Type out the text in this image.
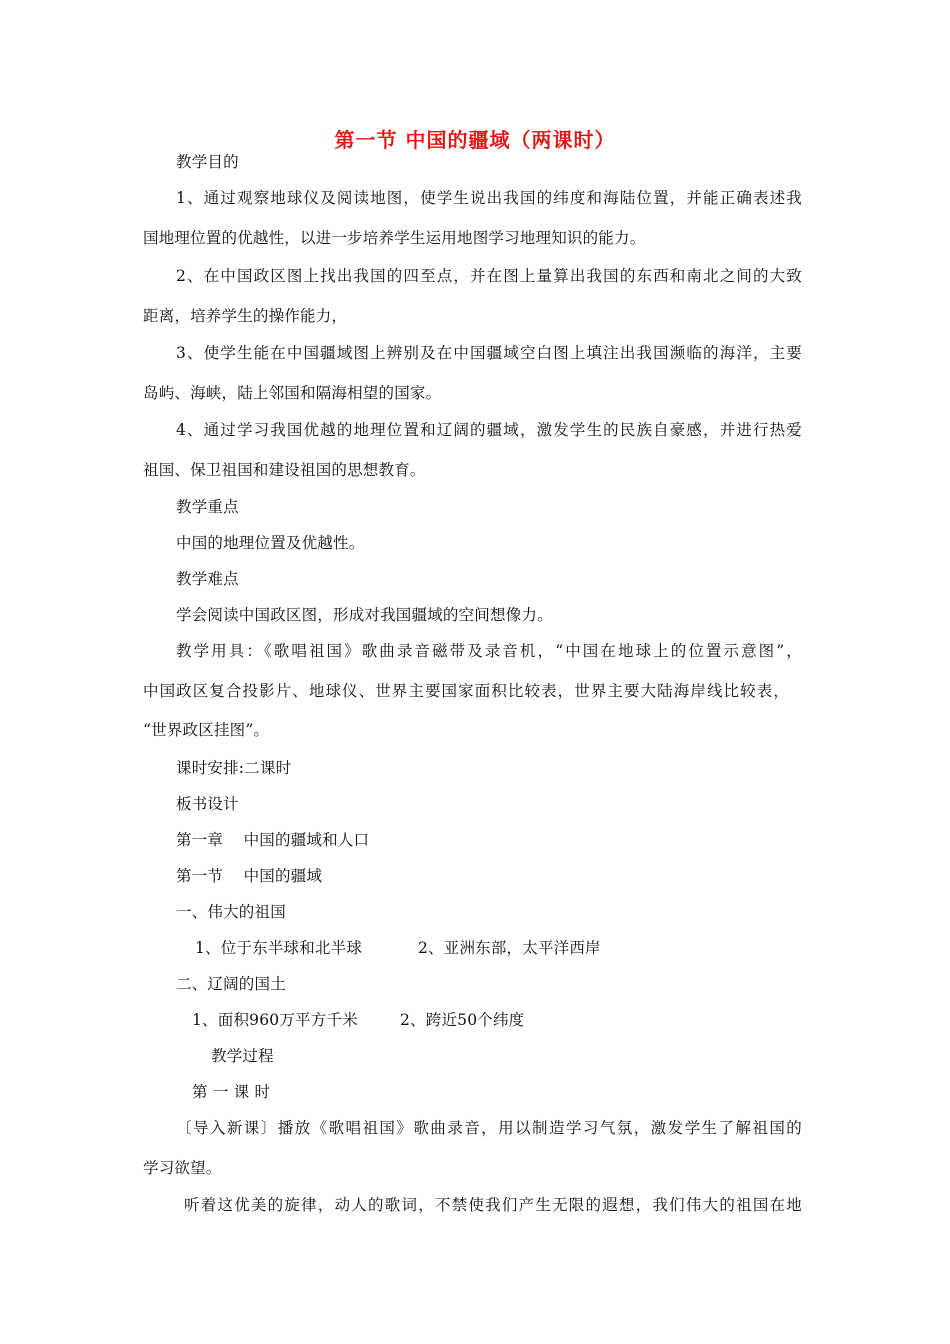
第一节 中国的疆域（两课时）
教学目的
1、通过观察地球仪及阅读地图，使学生说出我国的纬度和海陆位置，并能正确表述我
国地理位置的优越性，以进一步培养学生运用地图学习地理知识的能力。
2、在中国政区图上找出我国的四至点，并在图上量算出我国的东西和南北之间的大致
距离，培养学生的操作能力，
3、使学生能在中国疆域图上辨别及在中国疆域空白图上填注出我国濒临的海洋，主要
岛屿、海峡，陆上邻国和隔海相望的国家。
4、通过学习我国优越的地理位置和辽阔的疆域，激发学生的民族自豪感，并进行热爱
祖国、保卫祖国和建设祖国的思想教育。
教学重点
中国的地理位置及优越性。
教学难点
学会阅读中国政区图，形成对我国疆域的空间想像力。
教学用具：《歌唱祖国》歌曲录音磁带及录音机，“中国在地球上的位置示意图”，
中国政区复合投影片、地球仪、世界主要国家面积比较表，世界主要大陆海岸线比较表，
“世界政区挂图”。
课时安排:二课时
板书设计
第一章    中国的疆域和人口
第一节    中国的疆域
一、伟大的祖国
1、位于东半球和北半球	2、亚洲东部，太平洋西岸
二、辽阔的国土
1、面积960万平方千米	2、跨近50个纬度
教学过程
第 一 课 时
〔导入新课〕播放《歌唱祖国》歌曲录音，用以制造学习气氛，激发学生了解祖国的
学习欲望。
听着这优美的旋律，动人的歌词，不禁使我们产生无限的遐想，我们伟大的祖国在地
